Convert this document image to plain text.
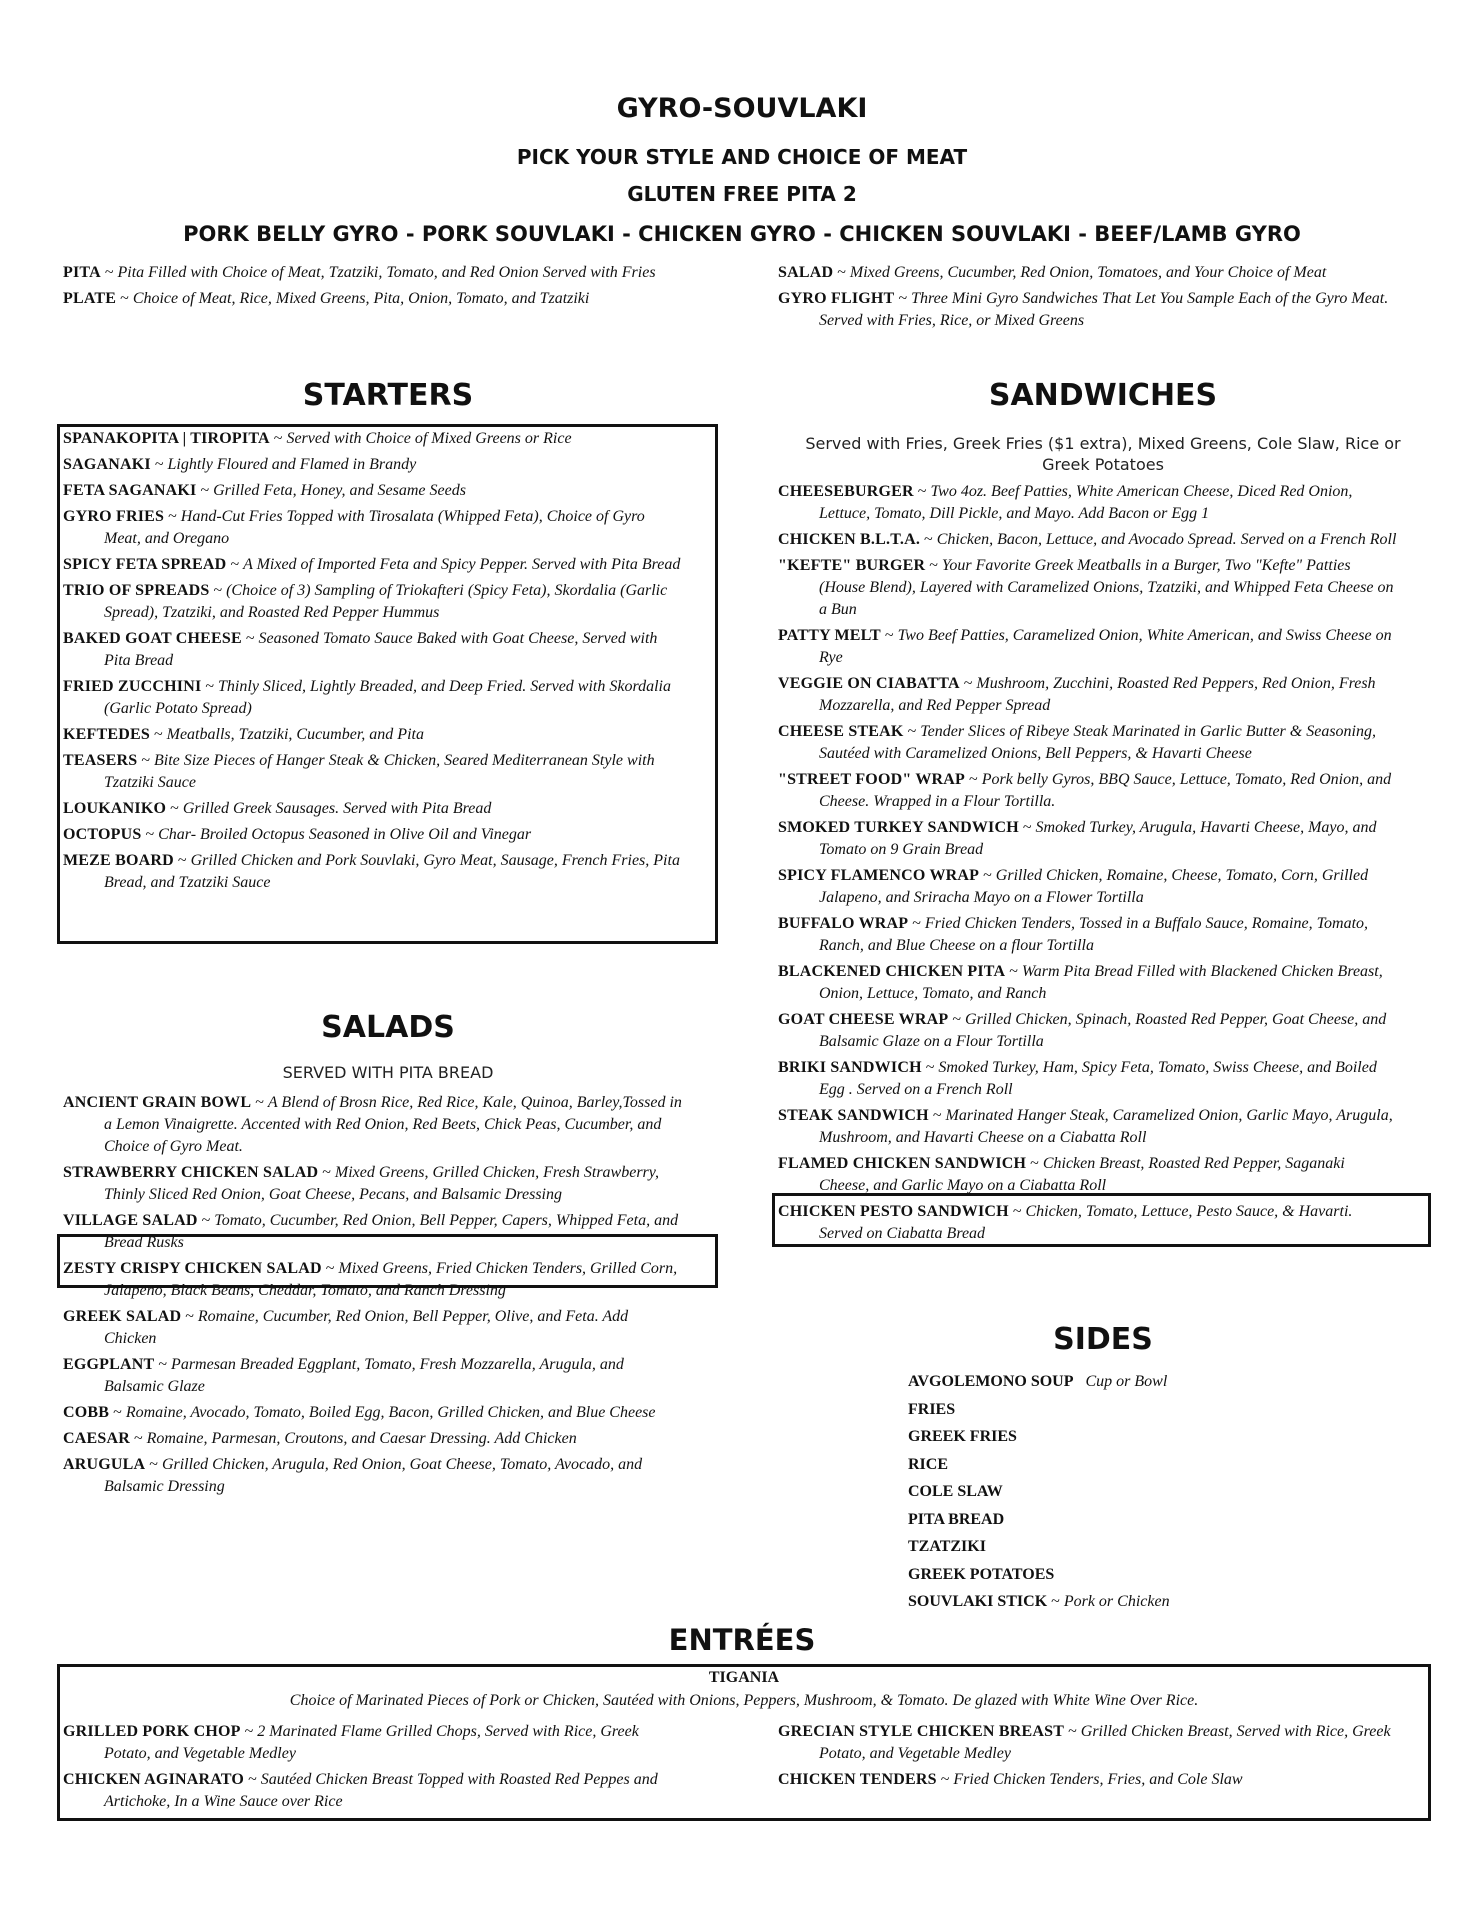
GYRO-SOUVLAKI
PICK YOUR STYLE AND CHOICE OF MEAT
GLUTEN FREE PITA 2
PORK BELLY GYRO - PORK SOUVLAKI - CHICKEN GYRO - CHICKEN SOUVLAKI - BEEF/LAMB GYRO
PITA ~ Pita Filled with Choice of Meat, Tzatziki, Tomato, and Red Onion Served with Fries
PLATE ~ Choice of Meat, Rice, Mixed Greens, Pita, Onion, Tomato, and Tzatziki
SALAD ~ Mixed Greens, Cucumber, Red Onion, Tomatoes, and Your Choice of Meat
GYRO FLIGHT ~ Three Mini Gyro Sandwiches That Let You Sample Each of the Gyro Meat. Served with Fries, Rice, or Mixed Greens
STARTERS
SPANAKOPITA | TIROPITA ~ Served with Choice of Mixed Greens or Rice
SAGANAKI ~ Lightly Floured and Flamed in Brandy
FETA SAGANAKI ~ Grilled Feta, Honey, and Sesame Seeds
GYRO FRIES ~ Hand-Cut Fries Topped with Tirosalata (Whipped Feta), Choice of Gyro Meat, and Oregano
SPICY FETA SPREAD ~ A Mixed of Imported Feta and Spicy Pepper. Served with Pita Bread
TRIO OF SPREADS ~ (Choice of 3) Sampling of Triokafteri (Spicy Feta), Skordalia (Garlic Spread), Tzatziki, and Roasted Red Pepper Hummus
BAKED GOAT CHEESE ~ Seasoned Tomato Sauce Baked with Goat Cheese, Served with Pita Bread
FRIED ZUCCHINI ~ Thinly Sliced, Lightly Breaded, and Deep Fried. Served with Skordalia (Garlic Potato Spread)
KEFTEDES ~ Meatballs, Tzatziki, Cucumber, and Pita
TEASERS ~ Bite Size Pieces of Hanger Steak & Chicken, Seared Mediterranean Style with Tzatziki Sauce
LOUKANIKO ~ Grilled Greek Sausages. Served with Pita Bread
OCTOPUS ~ Char- Broiled Octopus Seasoned in Olive Oil and Vinegar
MEZE BOARD ~ Grilled Chicken and Pork Souvlaki, Gyro Meat, Sausage, French Fries, Pita Bread, and Tzatziki Sauce
SALADS
SERVED WITH PITA BREAD
ANCIENT GRAIN BOWL ~ A Blend of Brosn Rice, Red Rice, Kale, Quinoa, Barley,Tossed in a Lemon Vinaigrette. Accented with Red Onion, Red Beets, Chick Peas, Cucumber, and Choice of Gyro Meat.
STRAWBERRY CHICKEN SALAD ~ Mixed Greens, Grilled Chicken, Fresh Strawberry, Thinly Sliced Red Onion, Goat Cheese, Pecans, and Balsamic Dressing
VILLAGE SALAD ~ Tomato, Cucumber, Red Onion, Bell Pepper, Capers, Whipped Feta, and Bread Rusks
ZESTY CRISPY CHICKEN SALAD ~ Mixed Greens, Fried Chicken Tenders, Grilled Corn, Jalapeno, Black Beans, Cheddar, Tomato, and Ranch Dressing
GREEK SALAD ~ Romaine, Cucumber, Red Onion, Bell Pepper, Olive, and Feta. Add Chicken
EGGPLANT ~ Parmesan Breaded Eggplant, Tomato, Fresh Mozzarella, Arugula, and Balsamic Glaze
COBB ~ Romaine, Avocado, Tomato, Boiled Egg, Bacon, Grilled Chicken, and Blue Cheese
CAESAR ~ Romaine, Parmesan, Croutons, and Caesar Dressing. Add Chicken
ARUGULA ~ Grilled Chicken, Arugula, Red Onion, Goat Cheese, Tomato, Avocado, and Balsamic Dressing
SANDWICHES
Served with Fries, Greek Fries ($1 extra), Mixed Greens, Cole Slaw, Rice or Greek Potatoes
CHEESEBURGER ~ Two 4oz. Beef Patties, White American Cheese, Diced Red Onion, Lettuce, Tomato, Dill Pickle, and Mayo. Add Bacon or Egg 1
CHICKEN B.L.T.A. ~ Chicken, Bacon, Lettuce, and Avocado Spread. Served on a French Roll
"KEFTE" BURGER ~ Your Favorite Greek Meatballs in a Burger, Two "Kefte" Patties (House Blend), Layered with Caramelized Onions, Tzatziki, and Whipped Feta Cheese on a Bun
PATTY MELT ~ Two Beef Patties, Caramelized Onion, White American, and Swiss Cheese on Rye
VEGGIE ON CIABATTA ~ Mushroom, Zucchini, Roasted Red Peppers, Red Onion, Fresh Mozzarella, and Red Pepper Spread
CHEESE STEAK ~ Tender Slices of Ribeye Steak Marinated in Garlic Butter & Seasoning, Sautéed with Caramelized Onions, Bell Peppers, & Havarti Cheese
"STREET FOOD" WRAP ~ Pork belly Gyros, BBQ Sauce, Lettuce, Tomato, Red Onion, and Cheese. Wrapped in a Flour Tortilla.
SMOKED TURKEY SANDWICH ~ Smoked Turkey, Arugula, Havarti Cheese, Mayo, and Tomato on 9 Grain Bread
SPICY FLAMENCO WRAP ~ Grilled Chicken, Romaine, Cheese, Tomato, Corn, Grilled Jalapeno, and Sriracha Mayo on a Flower Tortilla
BUFFALO WRAP ~ Fried Chicken Tenders, Tossed in a Buffalo Sauce, Romaine, Tomato, Ranch, and Blue Cheese on a flour Tortilla
BLACKENED CHICKEN PITA ~ Warm Pita Bread Filled with Blackened Chicken Breast, Onion, Lettuce, Tomato, and Ranch
GOAT CHEESE WRAP ~ Grilled Chicken, Spinach, Roasted Red Pepper, Goat Cheese, and Balsamic Glaze on a Flour Tortilla
BRIKI SANDWICH ~ Smoked Turkey, Ham, Spicy Feta, Tomato, Swiss Cheese, and Boiled Egg . Served on a French Roll
STEAK SANDWICH ~ Marinated Hanger Steak, Caramelized Onion, Garlic Mayo, Arugula, Mushroom, and Havarti Cheese on a Ciabatta Roll
FLAMED CHICKEN SANDWICH ~ Chicken Breast, Roasted Red Pepper, Saganaki Cheese, and Garlic Mayo on a Ciabatta Roll
CHICKEN PESTO SANDWICH ~ Chicken, Tomato, Lettuce, Pesto Sauce, & Havarti. Served on Ciabatta Bread
SIDES
AVGOLEMONO SOUP Cup or Bowl
FRIES
GREEK FRIES
RICE
COLE SLAW
PITA BREAD
TZATZIKI
GREEK POTATOES
SOUVLAKI STICK ~ Pork or Chicken
ENTRÉES
TIGANIA
Choice of Marinated Pieces of Pork or Chicken, Sautéed with Onions, Peppers, Mushroom, & Tomato. De glazed with White Wine Over Rice.
GRILLED PORK CHOP ~ 2 Marinated Flame Grilled Chops, Served with Rice, Greek Potato, and Vegetable Medley
CHICKEN AGINARATO ~ Sautéed Chicken Breast Topped with Roasted Red Peppes and Artichoke, In a Wine Sauce over Rice
GRECIAN STYLE CHICKEN BREAST ~ Grilled Chicken Breast, Served with Rice, Greek Potato, and Vegetable Medley
CHICKEN TENDERS ~ Fried Chicken Tenders, Fries, and Cole Slaw
